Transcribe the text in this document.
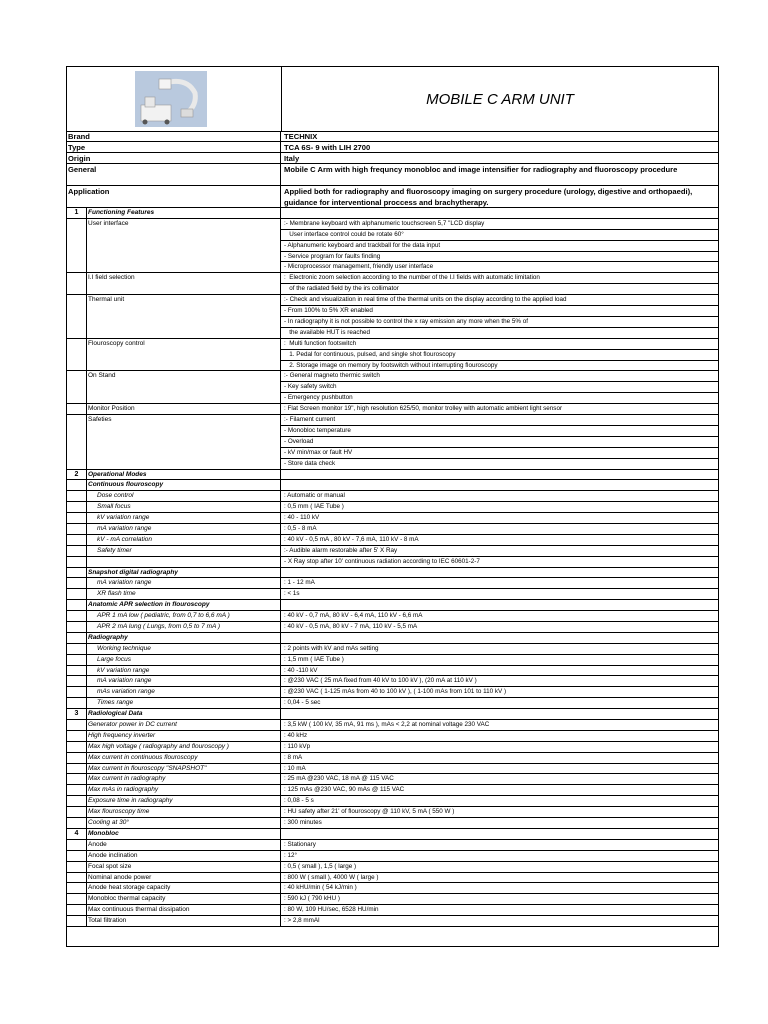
MOBILE C ARM UNIT
Brand	TECHNIX
Type	TCA 6S- 9 with LIH 2700
Origin	Italy
General	Mobile C Arm with high frequncy monobloc and image intensifier for radiography and fluoroscopy procedure
Application	Applied both for radiography and fluoroscopy imaging on surgery procedure (urology, digestive and orthopaedi), guidance for interventional proccess and brachytherapy.
1	Functioning Features
User interface	:- Membrane keyboard with alphanumeric touchscreen 5,7 "LCD display
User interface control could be rotate 60°
- Alphanumeric keyboard and trackball for the data input
- Service program for faults finding
- Microprocessor management, friendly user interface
I.I field selection	:  Electronic zoom selection according to the number of the I.I fields with automatic limitation
of the radiated field by the irs collimator
Thermal unit	:- Check and visualization in real time of the thermal units on the display according to the applied load
- From 100% to 5% XR enabled
- In radiography it is not possible to control the x ray emission any more when the 5% of
the available HUT is reached
Flouroscopy control	:  Multi function footswitch
1. Pedal for continuous, pulsed, and single shot flouroscopy
2. Storage image on memory by footswitch without interrupting flouroscopy
On Stand	:- General magneto thermic switch
- Key safety switch
- Emergency pushbutton
Monitor Position	: Flat Screen monitor 19", high resolution 625/50, monitor trolley with automatic ambient light sensor
Safeties	:- Filament current
- Monobloc temperature
- Overload
- kV min/max or fault HV
- Store data check
2	Operational Modes
Continuous flouroscopy
Dose control	: Automatic or manual
Small focus	: 0,5 mm ( IAE Tube )
kV variation range	: 40 - 110 kV
mA variation range	: 0,5 - 8 mA
kV - mA correlation	: 40 kV - 0,5 mA , 80 kV - 7,6 mA, 110 kV - 8 mA
Safety timer	:- Audible alarm restorable after 5' X Ray
- X Ray stop after 10' continuous radiation according to IEC 60601-2-7
Snapshot digital radiography
mA variation range	: 1 - 12 mA
XR flash time	: < 1s
Anatomic APR selection in flouroscopy
APR 1 mA low ( pediatric, from 0,7 to 6,6 mA )	: 40 kV - 0,7 mA, 80 kV - 6,4 mA, 110 kV - 6,6 mA
APR 2 mA lung ( Lungs, from 0,5 to 7 mA )	: 40 kV - 0,5 mA, 80 kV - 7 mA, 110 kV - 5,5 mA
Radiography
Working technique	: 2 points with kV and mAs setting
Large focus	: 1,5 mm ( IAE Tube )
kV variation range	: 40 -110 kV
mA variation range	: @230 VAC ( 25 mA fixed from 40 kV to 100 kV ), (20 mA at 110 kV )
mAs variation range	: @230 VAC ( 1-125 mAs from 40 to 100 kV ), ( 1-100 mAs from 101 to 110 kV )
Times range	: 0,04 - 5 sec
3	Radiological Data
Generator power in DC current	: 3,5 kW ( 100 kV, 35 mA, 91 ms ), mAs < 2,2 at nominal voltage 230 VAC
High frequency inverter	: 40 kHz
Max high voltage ( radiography and flouroscopy )	: 110 kVp
Max current in continuous flouroscopy	: 8 mA
Max current in flouroscopy "SNAPSHOT"	: 10 mA
Max current in radiography	: 25 mA @230 VAC, 18 mA @ 115 VAC
Max mAs in radiography	: 125 mAs @230 VAC, 90 mAs @ 115 VAC
Exposure time in radiography	: 0,08 - 5 s
Max flouroscopy time	: HU safety after 21' of flouroscopy @ 110 kV, 5 mA ( 550 W )
Cooling at 30°	: 300 minutes
4	Monobloc
Anode	: Stationary
Anode inclination	: 12°
Focal spot size	: 0,5 ( small ), 1,5 ( large )
Nominal anode power	: 800 W ( small ), 4000 W ( large )
Anode heat storage capacity	: 40 kHU/min ( 54 kJ/min )
Monobloc thermal capacity	: 590 kJ ( 790 kHU )
Max continuous thermal dissipation	: 80 W, 109 HU/sec, 6528 HU/min
Total filtration	: > 2,8 mmAl
